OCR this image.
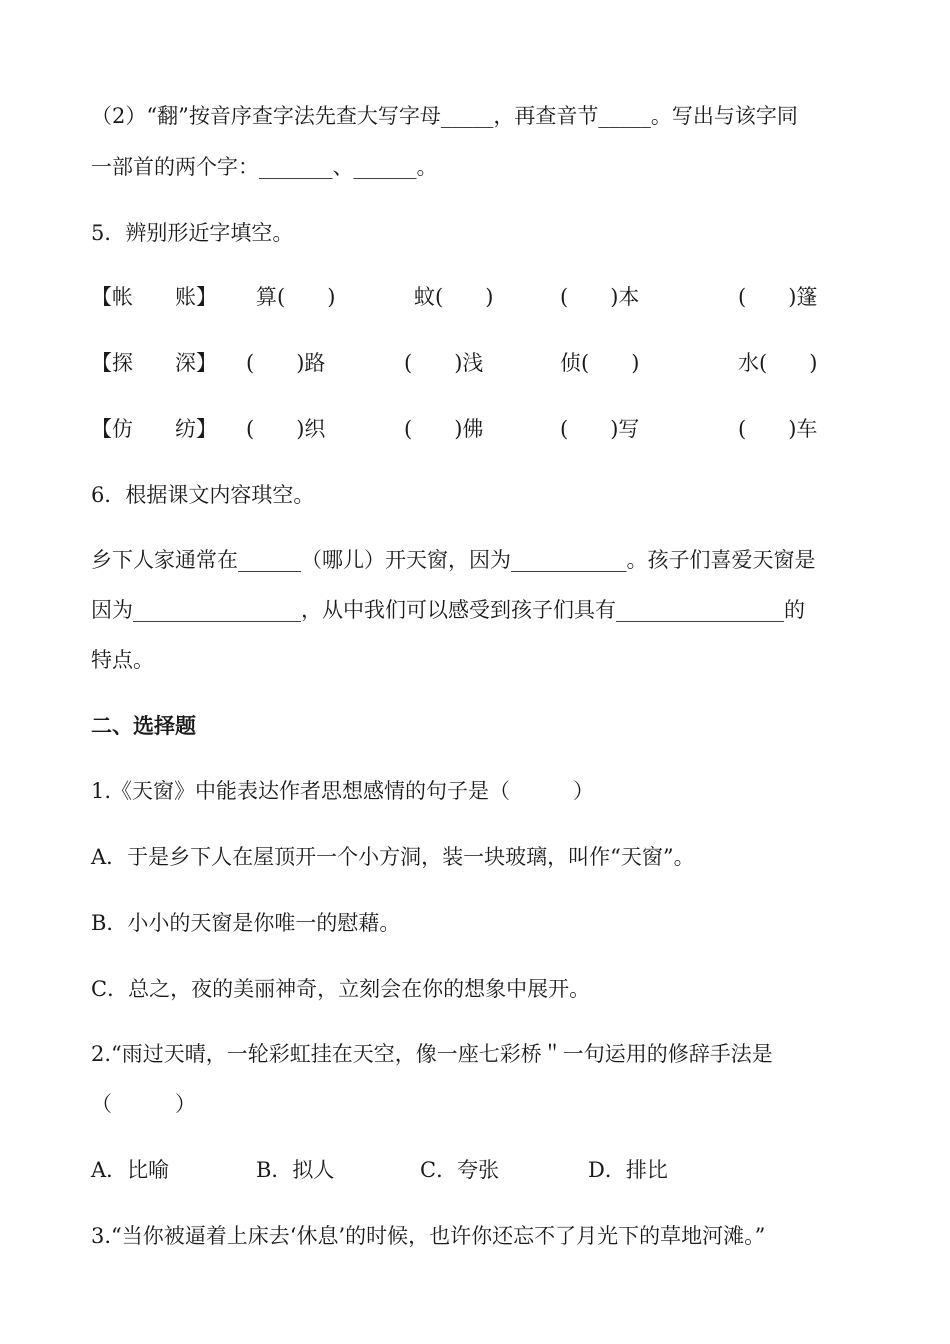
（2）“翻”按音序查字法先查大写字母_____，再查音节_____。写出与该字同
一部首的两个字：_______、______。
5．辨别形近字填空。
【帐　　账】 算(　　)	蚊(　　)	(　　)本	(　　)篷
【探　　深】 (　　)路	(　　)浅	侦(　　)	水(　　)
【仿　　纺】 (　　)织	(　　)佛	(　　)写	(　　)车
6．根据课文内容琪空。
乡下人家通常在______（哪儿）开天窗，因为___________。孩子们喜爱天窗是
因为________________，从中我们可以感受到孩子们具有________________的
特点。
二、选择题
1.《天窗》中能表达作者思想感情的句子是（　　　）
A．于是乡下人在屋顶开一个小方洞，装一块玻璃，叫作“天窗”。
B．小小的天窗是你唯一的慰藉。
C．总之，夜的美丽神奇，立刻会在你的想象中展开。
2.“雨过天晴，一轮彩虹挂在天空，像一座七彩桥＂一句运用的修辞手法是
（　　　）
A．比喻	B．拟人	C．夸张	D．排比
3.“当你被逼着上床去‘休息’的时候，也许你还忘不了月光下的草地河滩。”
